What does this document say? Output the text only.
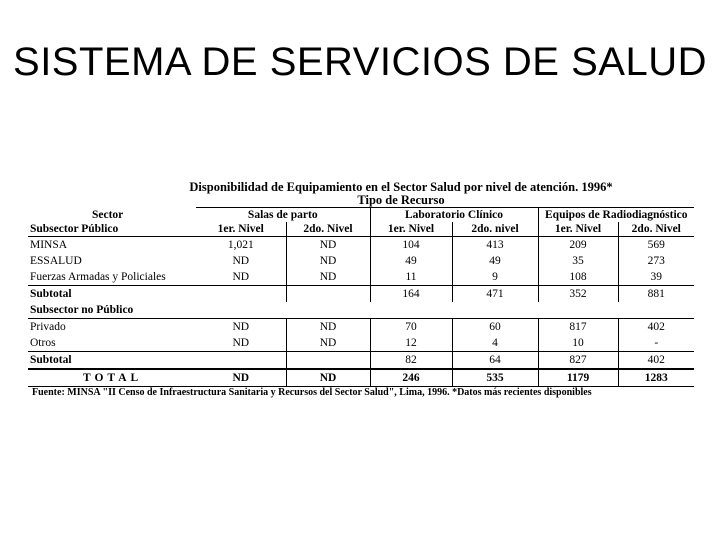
SISTEMA DE SERVICIOS DE SALUD
Disponibilidad de Equipamiento en el Sector Salud por nivel de atención. 1996*
Tipo de Recurso
Sector	Salas de parto		Laboratorio Clínico		Equipos de Radiodiagnóstico	
Subsector Público	1er. Nivel	2do. Nivel	1er. Nivel	2do. nivel	1er. Nivel	2do. Nivel
MINSA	1,021	ND	104	413	209	569
ESSALUD	ND	ND	49	49	35	273
Fuerzas Armadas y Policiales	ND	ND	11	9	108	39
Subtotal			164	471	352	881
Subsector no Público						
Privado	ND	ND	70	60	817	402
Otros	ND	ND	12	4	10	-
Subtotal			82	64	827	402
TOTAL	ND	ND	246	535	1179	1283
Fuente: MINSA "II Censo de Infraestructura Sanitaria y Recursos del Sector Salud", Lima, 1996. *Datos más recientes disponibles
